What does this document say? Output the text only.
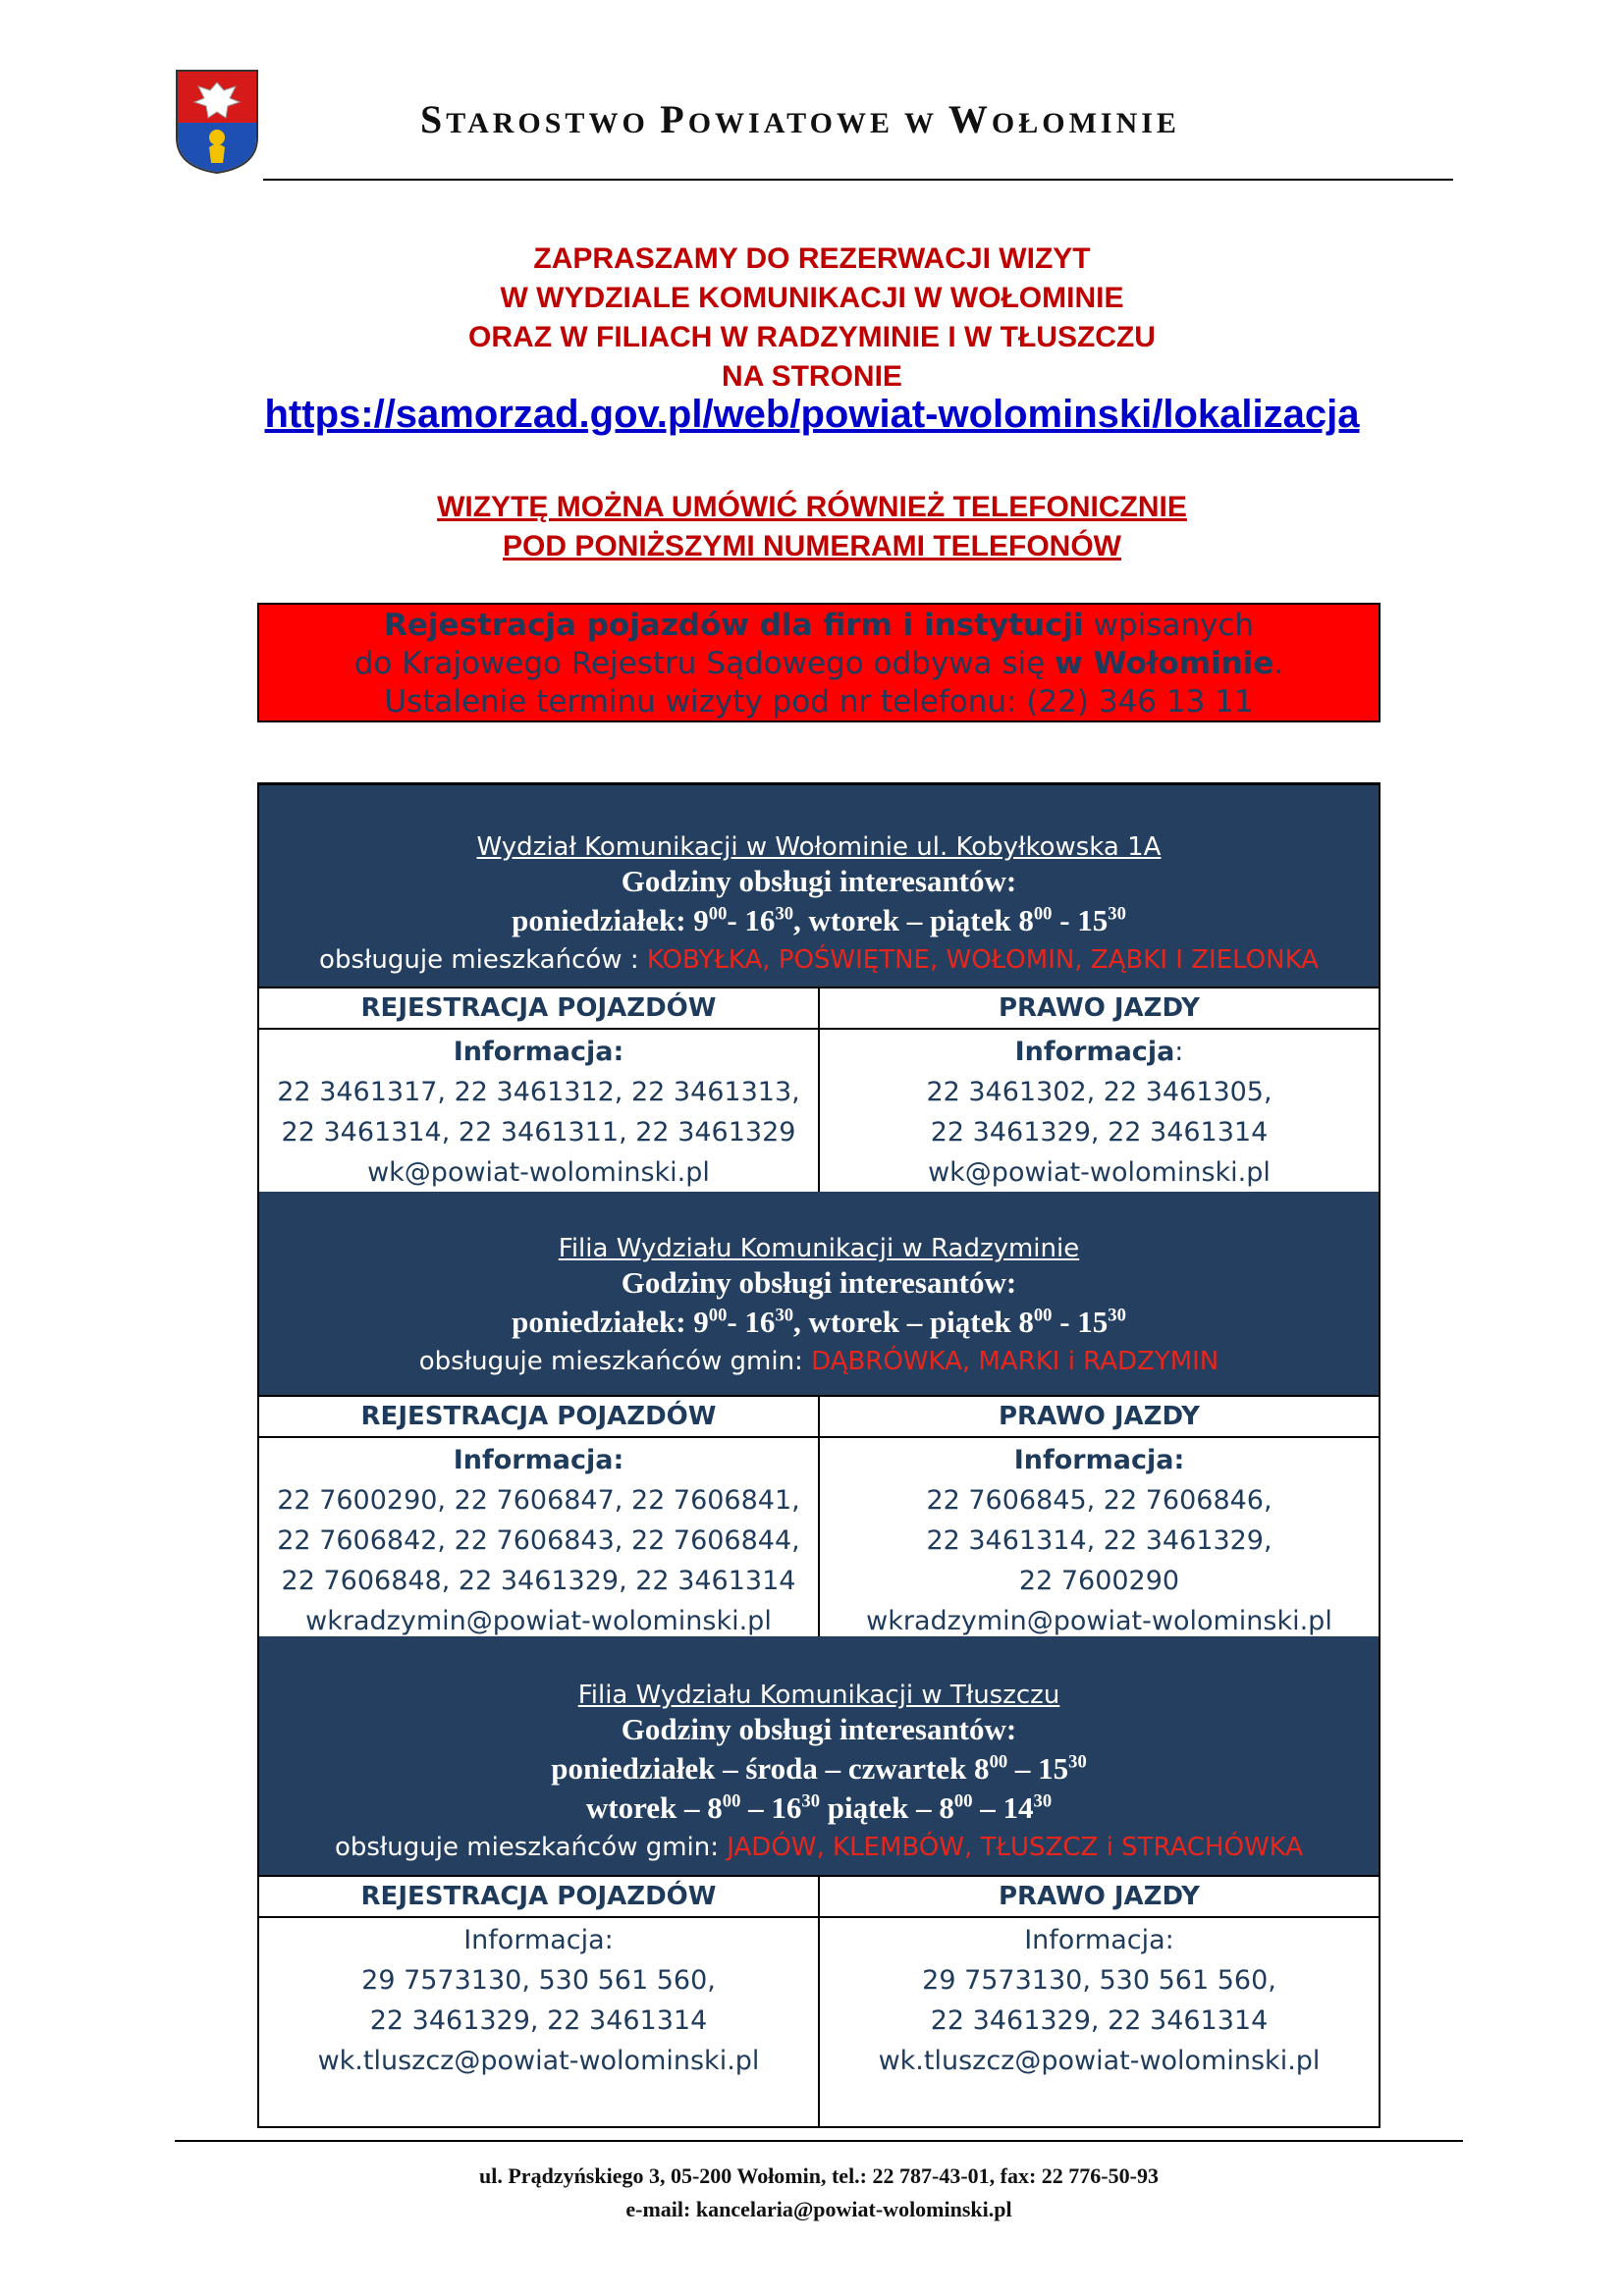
STAROSTWO POWIATOWE W WOŁOMINIE
ZAPRASZAMY DO REZERWACJI WIZYT
W WYDZIALE KOMUNIKACJI W WOŁOMINIE
ORAZ W FILIACH W RADZYMINIE I W TŁUSZCZU
NA STRONIE
https://samorzad.gov.pl/web/powiat-wolominski/lokalizacja
WIZYTĘ MOŻNA UMÓWIĆ RÓWNIEŻ TELEFONICZNIE
POD PONIŻSZYMI NUMERAMI TELEFONÓW
Rejestracja pojazdów dla firm i instytucji wpisanych
do Krajowego Rejestru Sądowego odbywa się w Wołominie.
Ustalenie terminu wizyty pod nr telefonu: (22) 346 13 11
Wydział Komunikacji w Wołominie ul. Kobyłkowska 1A
Godziny obsługi interesantów:
poniedziałek: $9^{00}-$ $16^{30}$, wtorek – piątek $8^{00} - 15^{30}$
obsługuje mieszkańców : KOBYŁKA, POŚWIĘTNE, WOŁOMIN, ZĄBKI I ZIELONKA
REJESTRACJA POJAZDÓW	PRAWO JAZDY
Informacja:
22 3461317, 22 3461312, 22 3461313,
22 3461314, 22 3461311, 22 3461329
wk@powiat-wolominski.pl
Informacja:
22 3461302, 22 3461305,
22 3461329, 22 3461314
wk@powiat-wolominski.pl
Filia Wydziału Komunikacji w Radzyminie
Godziny obsługi interesantów:
poniedziałek: $9^{00}-$ $16^{30}$, wtorek – piątek $8^{00} - 15^{30}$
obsługuje mieszkańców gmin: DĄBRÓWKA, MARKI i RADZYMIN
REJESTRACJA POJAZDÓW	PRAWO JAZDY
Informacja:
22 7600290, 22 7606847, 22 7606841,
22 7606842, 22 7606843, 22 7606844,
22 7606848, 22 3461329, 22 3461314
wkradzymin@powiat-wolominski.pl
Informacja:
22 7606845, 22 7606846,
22 3461314, 22 3461329,
22 7600290
wkradzymin@powiat-wolominski.pl
Filia Wydziału Komunikacji w Tłuszczu
Godziny obsługi interesantów:
poniedziałek – środa – czwartek $8^{00} - 15^{30}$
wtorek – $8^{00} - 16^{30}$ piątek – $8^{00} - 14^{30}$
obsługuje mieszkańców gmin: JADÓW, KLEMBÓW, TŁUSZCZ i STRACHÓWKA
REJESTRACJA POJAZDÓW	PRAWO JAZDY
Informacja:
29 7573130, 530 561 560,
22 3461329, 22 3461314
wk.tluszcz@powiat-wolominski.pl
Informacja:
29 7573130, 530 561 560,
22 3461329, 22 3461314
wk.tluszcz@powiat-wolominski.pl
ul. Prądzyńskiego 3, 05-200 Wołomin, tel.: 22 787-43-01, fax: 22 776-50-93
e-mail: kancelaria@powiat-wolominski.pl
